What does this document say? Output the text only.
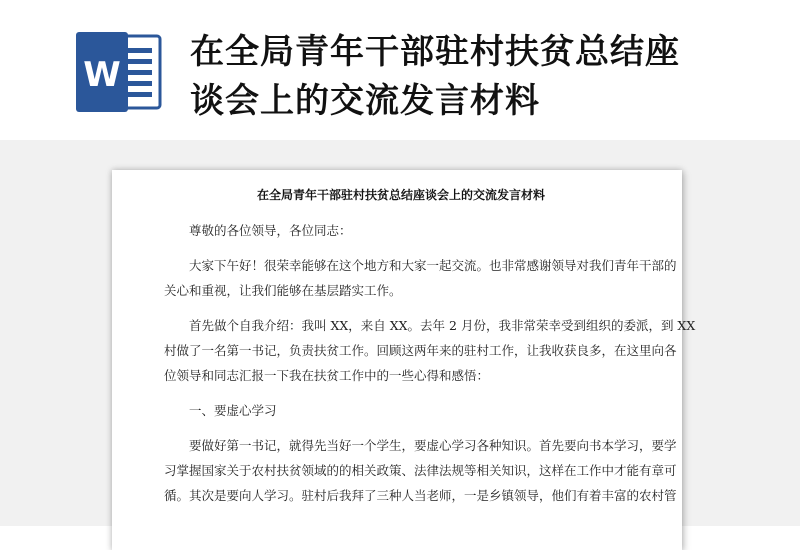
W
在全局青年干部驻村扶贫总结座
谈会上的交流发言材料
在全局青年干部驻村扶贫总结座谈会上的交流发言材料
　　尊敬的各位领导，各位同志：
　　大家下午好！很荣幸能够在这个地方和大家一起交流。也非常感谢领导对我们青年干部的
关心和重视，让我们能够在基层踏实工作。
　　首先做个自我介绍：我叫 XX，来自 XX。去年 2 月份，我非常荣幸受到组织的委派，到 XX
村做了一名第一书记，负责扶贫工作。回顾这两年来的驻村工作，让我收获良多，在这里向各
位领导和同志汇报一下我在扶贫工作中的一些心得和感悟：
　　一、要虚心学习
　　要做好第一书记，就得先当好一个学生，要虚心学习各种知识。首先要向书本学习，要学
习掌握国家关于农村扶贫领域的的相关政策、法律法规等相关知识，这样在工作中才能有章可
循。其次是要向人学习。驻村后我拜了三种人当老师，一是乡镇领导，他们有着丰富的农村管
